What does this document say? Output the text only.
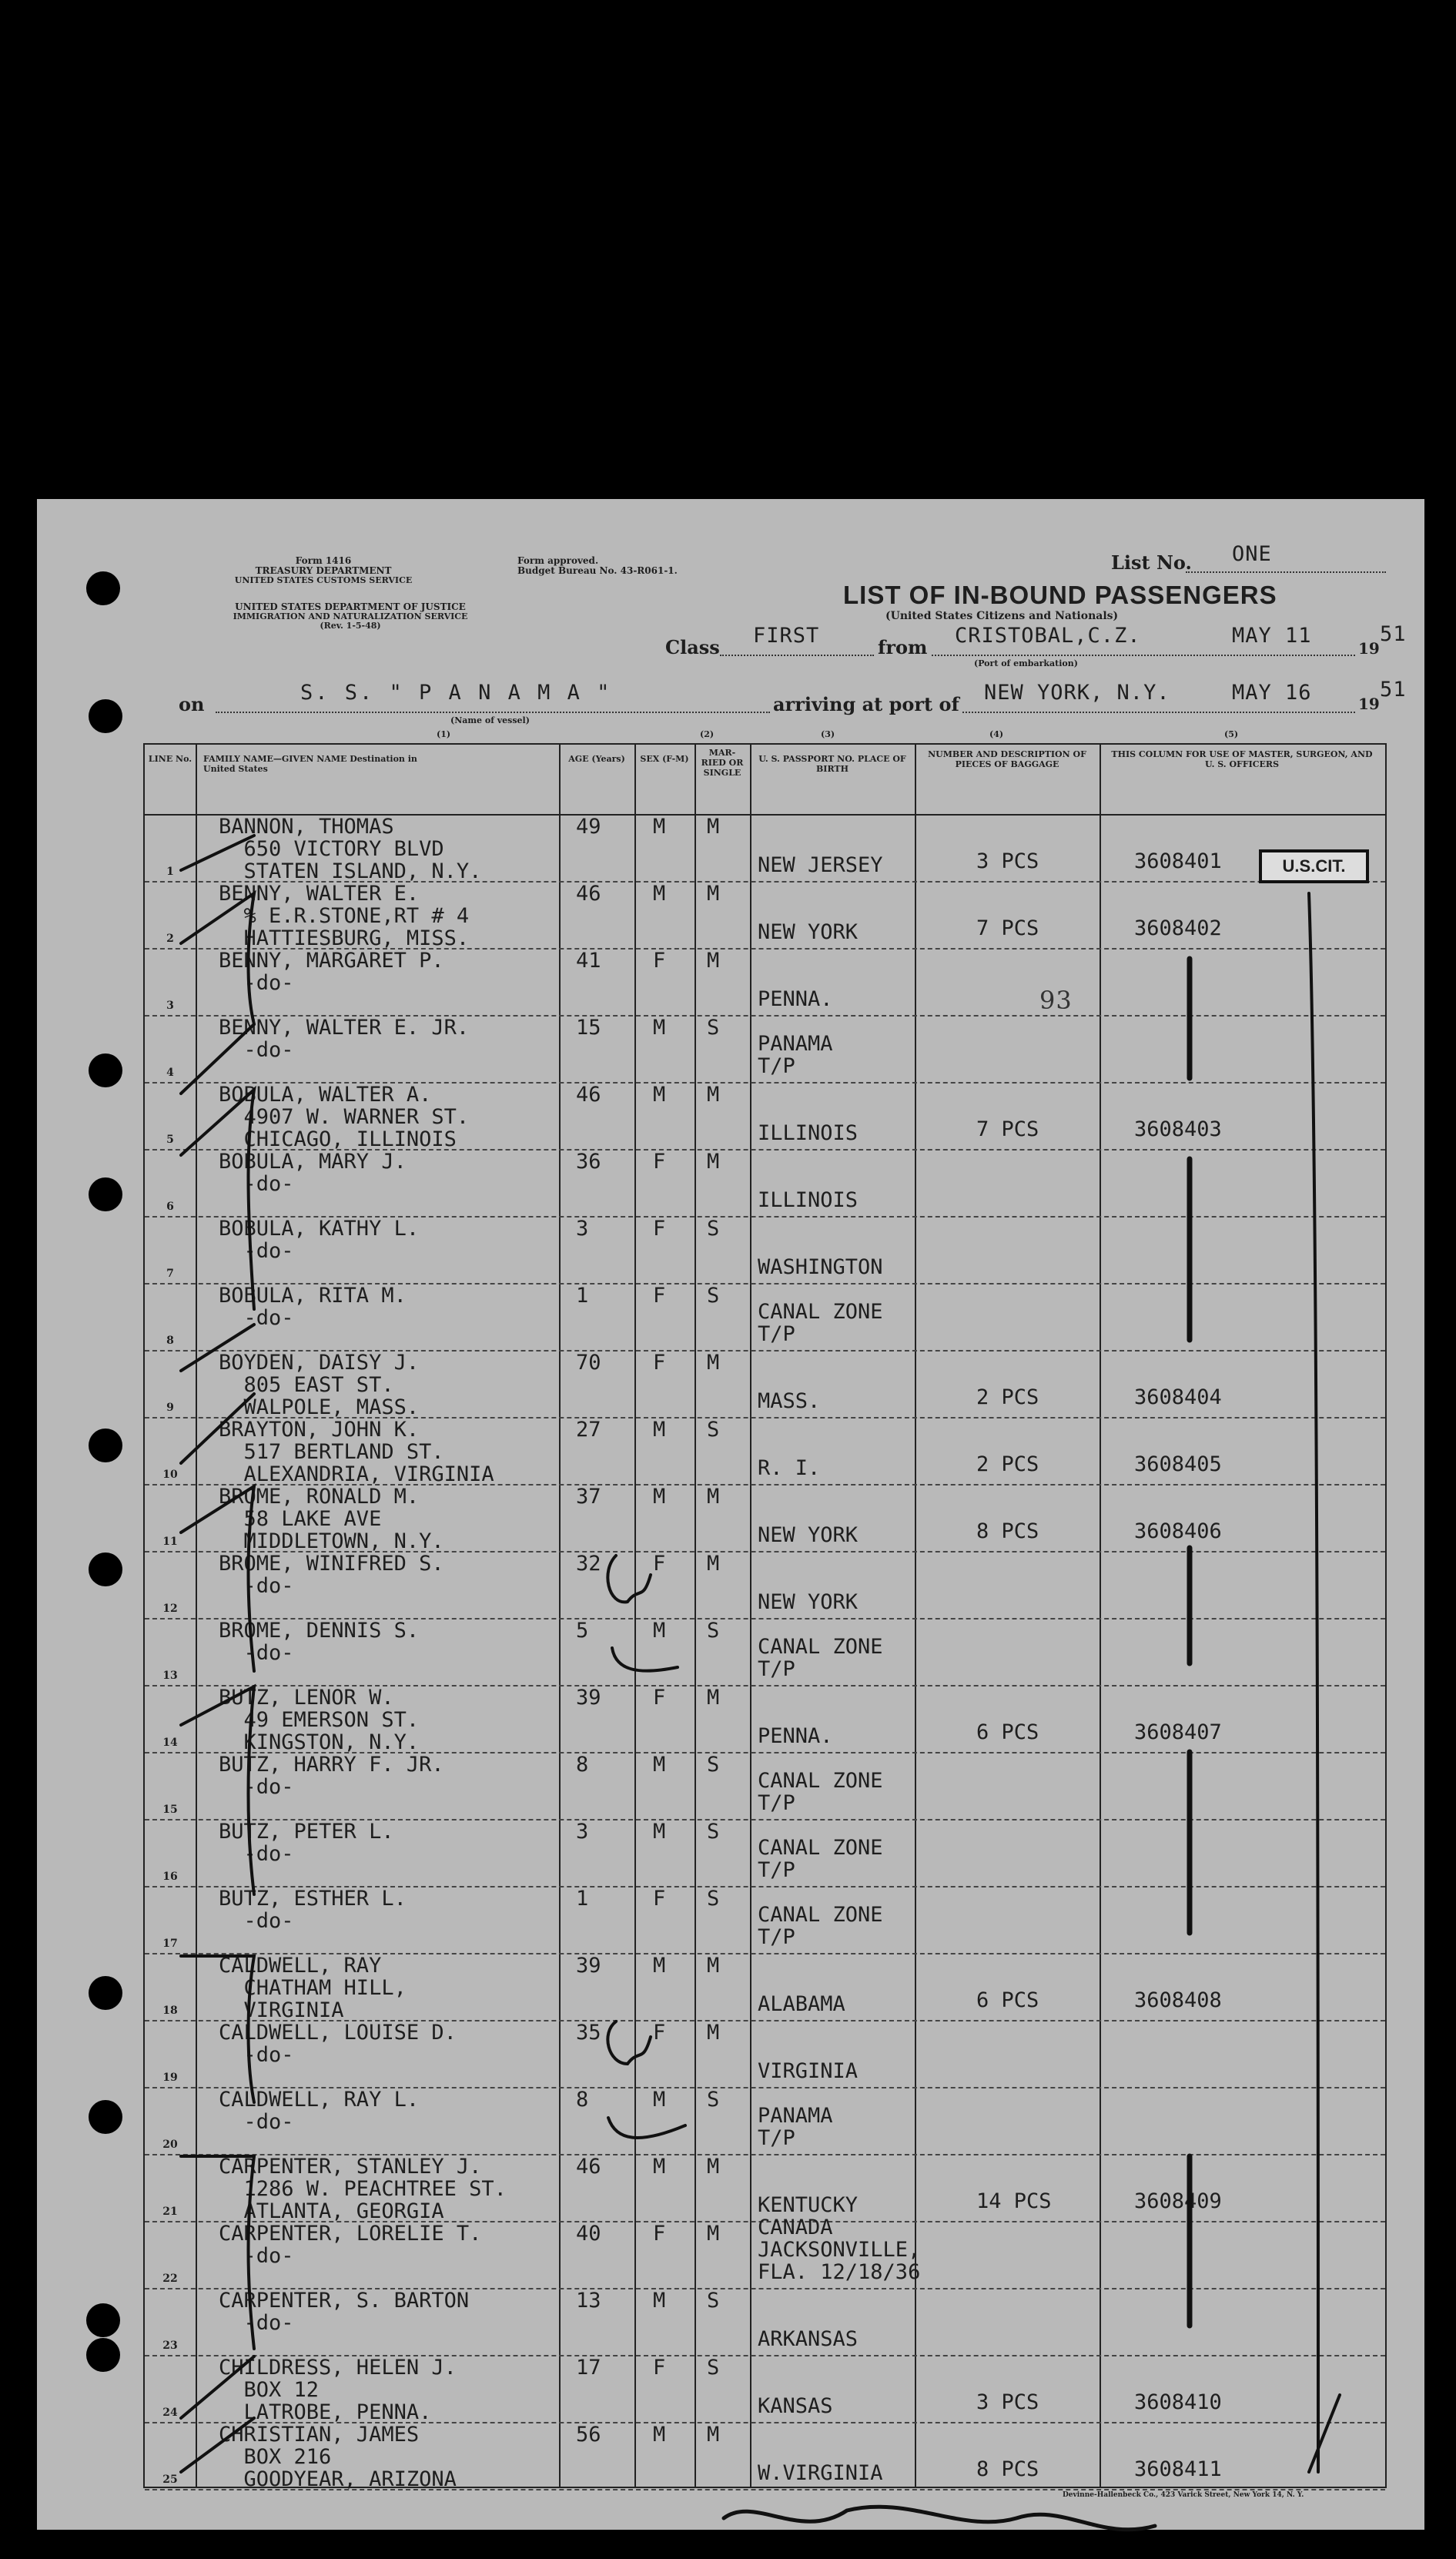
Form 1416
TREASURY DEPARTMENT
UNITED STATES CUSTOMS SERVICE
Form approved.
Budget Bureau No. 43-R061-1.
UNITED STATES DEPARTMENT OF JUSTICE
IMMIGRATION AND NATURALIZATION SERVICE
(Rev. 1-5-48)
LIST OF IN-BOUND PASSENGERS
(United States Citizens and Nationals)
List No. ONE
Class FIRST	from CRISTOBAL,C.Z.	MAY 11
19
51
(Port of embarkation)
on	S. S. " P A N A M A "
(Name of vessel)
arriving at port of NEW YORK, N.Y.	MAY 16	19
51
(1)	(2)	(3)	(4)	(5)
LINE No. FAMILY NAME—GIVEN NAME Destination in United States
AGE (Years)	SEX (F-M)
MAR- RIED OR SINGLE
U. S. PASSPORT NO. PLACE OF BIRTH
NUMBER AND DESCRIPTION OF PIECES OF BAGGAGE
THIS COLUMN FOR USE OF MASTER, SURGEON, AND U. S. OFFICERS
1
BANNON, THOMAS
650 VICTORY BLVD
STATEN ISLAND, N.Y.
49 M M
NEW JERSEY	3 PCS	3608401
2
BENNY, WALTER E.
% E.R.STONE,RT # 4
HATTIESBURG, MISS.
46 M M
NEW YORK	7 PCS	3608402
3
BENNY, MARGARET P.
-do-
41 F M
PENNA.
4
BENNY, WALTER E. JR.
-do-
15 M S
PANAMA
T/P
5
BOBULA, WALTER A.
4907 W. WARNER ST.
CHICAGO, ILLINOIS
46 M M
ILLINOIS	7 PCS	3608403
6
BOBULA, MARY J.
-do-
36 F M
ILLINOIS
7
BOBULA, KATHY L.
-do-
3	F S
WASHINGTON
8
BOBULA, RITA M.
-do-
1	F S
CANAL ZONE
T/P
9
BOYDEN, DAISY J.
805 EAST ST.
WALPOLE, MASS.
70 F M
MASS.	2 PCS	3608404
10
BRAYTON, JOHN K.
517 BERTLAND ST.
ALEXANDRIA, VIRGINIA
27 M S
R. I.	2 PCS	3608405
11
BROME, RONALD M.
58 LAKE AVE
MIDDLETOWN, N.Y.
37 M M
NEW YORK	8 PCS	3608406
12
BROME, WINIFRED S.
-do-
32 F M
NEW YORK
13
BROME, DENNIS S.
-do-
5	M S
CANAL ZONE
T/P
14
BUTZ, LENOR W.
49 EMERSON ST.
KINGSTON, N.Y.
39 F M
PENNA.	6 PCS	3608407
15
BUTZ, HARRY F. JR.
-do-
8	M S
CANAL ZONE
T/P
16
BUTZ, PETER L.
-do-
3	M S
CANAL ZONE
T/P
17
BUTZ, ESTHER L.
-do-
1	F S
CANAL ZONE
T/P
18
CALDWELL, RAY
CHATHAM HILL,
VIRGINIA
39 M M
ALABAMA	6 PCS	3608408
19
CALDWELL, LOUISE D.
-do-
35 F M
VIRGINIA
20
CALDWELL, RAY L.
-do-
8	M S
PANAMA
T/P
21
CARPENTER, STANLEY J.
1286 W. PEACHTREE ST.
ATLANTA, GEORGIA
46 M M
KENTUCKY	14 PCS	3608409
22
CARPENTER, LORELIE T.
-do-
40 F M CANADA
JACKSONVILLE,
FLA. 12/18/36
23
CARPENTER, S. BARTON
-do-
13 M S
ARKANSAS
24
CHILDRESS, HELEN J.
BOX 12
LATROBE, PENNA.
17 F S
KANSAS	3 PCS	3608410
25
CHRISTIAN, JAMES
BOX 216
GOODYEAR, ARIZONA
56 M M
W.VIRGINIA	8 PCS	3608411
U.S.CIT.
93
Devinne-Hallenbeck Co., 423 Varick Street, New York 14, N. Y.
